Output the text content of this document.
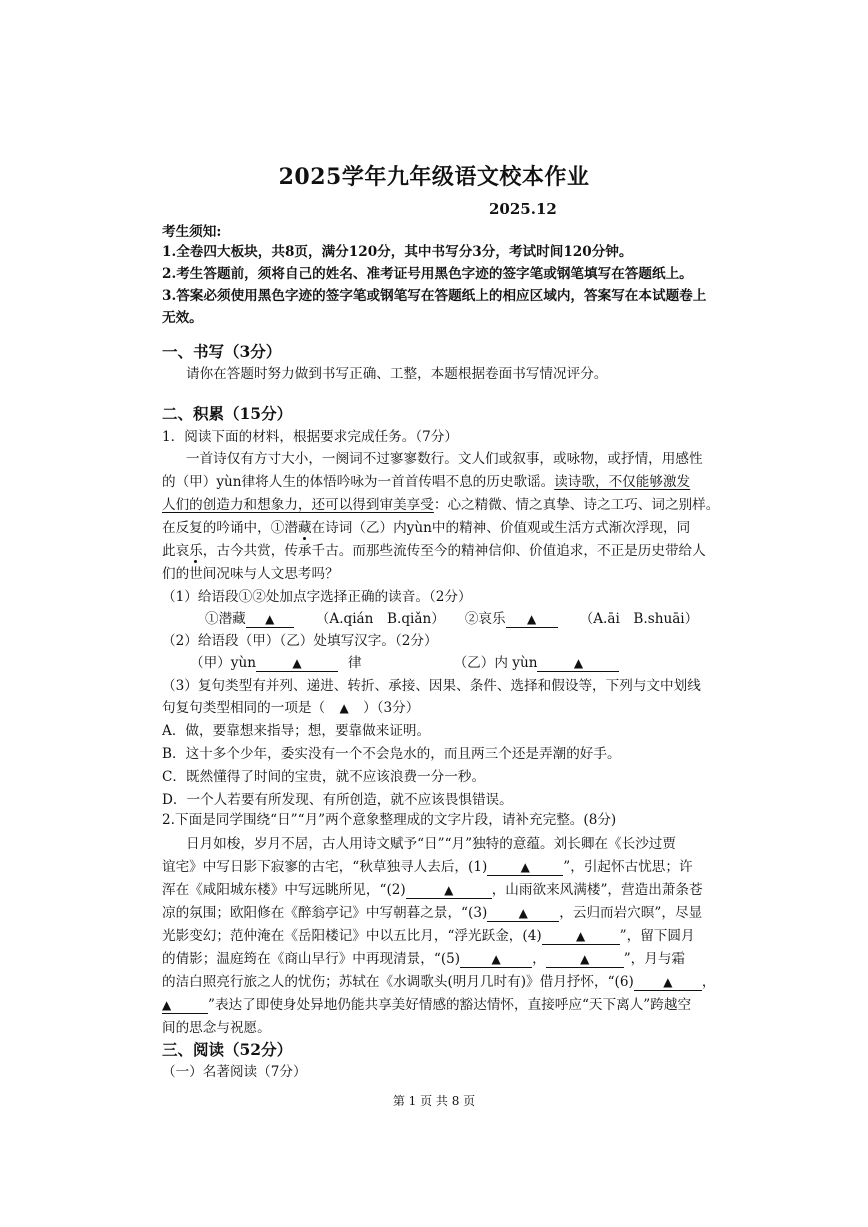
2025学年九年级语文校本作业
2025.12
考生须知:
1.全卷四大板块，共8页，满分120分，其中书写分3分，考试时间120分钟。
2.考生答题前，须将自己的姓名、准考证号用黑色字迹的签字笔或钢笔填写在答题纸上。
3.答案必须使用黑色字迹的签字笔或钢笔写在答题纸上的相应区域内，答案写在本试题卷上
无效。
一、书写（3分）
请你在答题时努力做到书写正确、工整，本题根据卷面书写情况评分。
二、积累（15分）
1．阅读下面的材料，根据要求完成任务。（7分）
一首诗仅有方寸大小，一阕词不过寥寥数行。文人们或叙事，或咏物，或抒情，用感性
的（甲）yùn律将人生的体悟吟咏为一首首传唱不息的历史歌谣。读诗歌，不仅能够激发
人们的创造力和想象力，还可以得到审美享受：心之精微、情之真挚、诗之工巧、词之别样。
在反复的吟诵中，①潜藏在诗词（乙）内yùn中的精神、价值观或生活方式渐次浮现，同
此哀乐，古今共赏，传承千古。而那些流传至今的精神信仰、价值追求，不正是历史带给人
们的世间况味与人文思考吗？
（1）给语段①②处加点字选择正确的读音。（2分）
①潜藏 ▲	（A.qián　B.qiǎn） ②哀乐 ▲	（A.āi　B.shuāi）
（2）给语段（甲）（乙）处填写汉字。（2分）
（甲）yùn	▲	律	（乙）内 yùn	▲
（3）复句类型有并列、递进、转折、承接、因果、条件、选择和假设等，下列与文中划线
句复句类型相同的一项是（ ▲ ）（3分）
A．做，要靠想来指导；想，要靠做来证明。
B．这十多个少年，委实没有一个不会凫水的，而且两三个还是弄潮的好手。
C．既然懂得了时间的宝贵，就不应该浪费一分一秒。
D．一个人若要有所发现、有所创造，就不应该畏惧错误。
2.下面是同学围绕“日”“月”两个意象整理成的文字片段，请补充完整。(8分)
日月如梭，岁月不居，古人用诗文赋予“日”“月”独特的意蕴。刘长卿在《长沙过贾
谊宅》中写日影下寂寥的古宅，“秋草独寻人去后，(1)	▲ ”，引起怀古忧思；许
浑在《咸阳城东楼》中写远眺所见，“(2)	▲	，山雨欲来风满楼”，营造出萧条苍
凉的氛围；欧阳修在《醉翁亭记》中写朝暮之景，“(3)	▲ ，云归而岩穴暝”，尽显
光影变幻；范仲淹在《岳阳楼记》中以五比月，“浮光跃金，(4)	▲	”，留下圆月
的倩影；温庭筠在《商山早行》中再现清景，“(5)	▲ ，	▲	”，月与霜
的洁白照亮行旅之人的忧伤；苏轼在《水调歌头(明月几时有)》借月抒怀，“(6) ▲ ，
▲	”表达了即使身处异地仍能共享美好情感的豁达情怀，直接呼应“天下离人”跨越空
间的思念与祝愿。
三、阅读（52分）
（一）名著阅读（7分）
第 1 页 共 8 页
